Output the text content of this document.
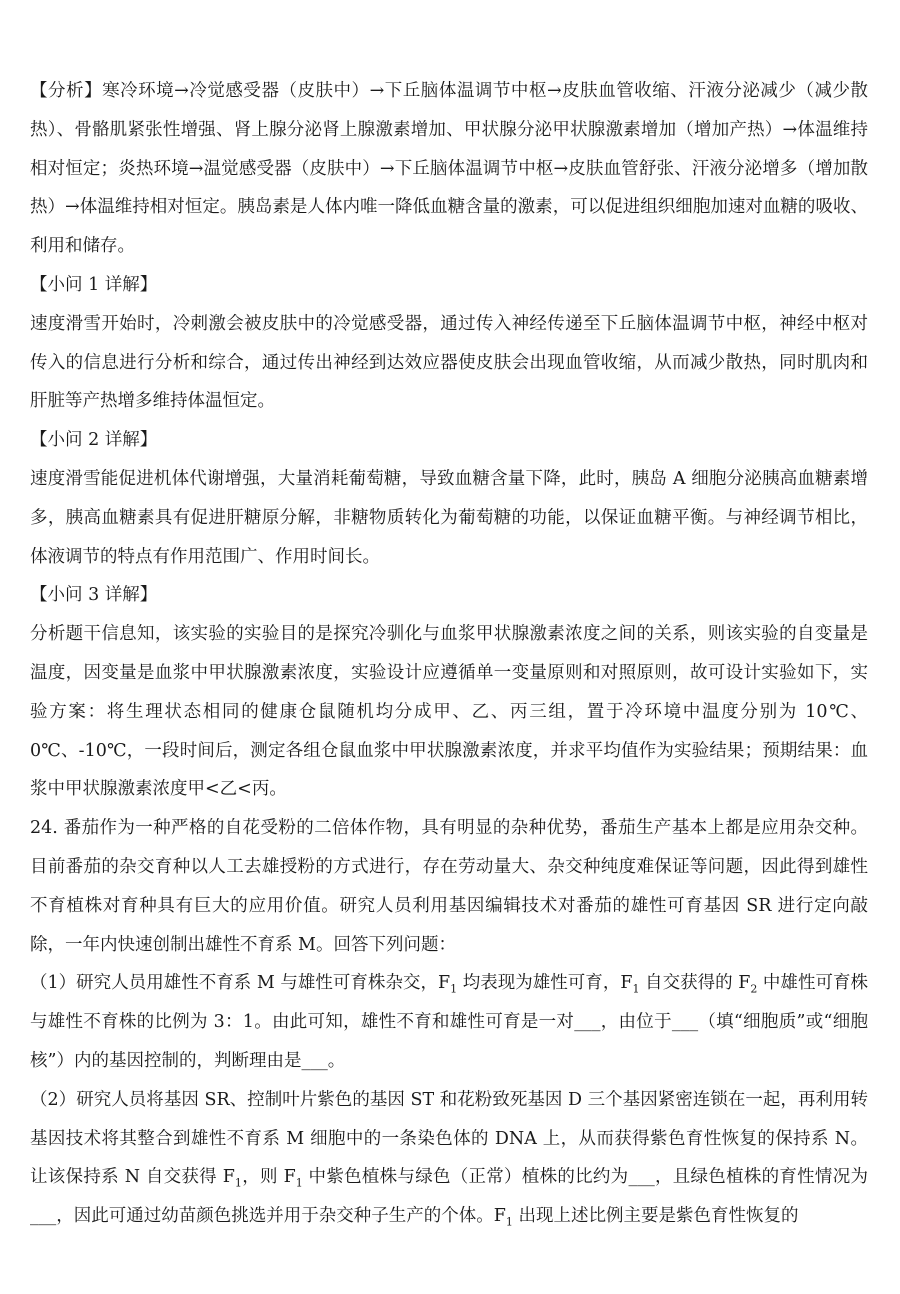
【分析】寒冷环境→冷觉感受器（皮肤中）→下丘脑体温调节中枢→皮肤血管收缩、汗液分泌减少（减少散热）、骨骼肌紧张性增强、肾上腺分泌肾上腺激素增加、甲状腺分泌甲状腺激素增加（增加产热）→体温维持相对恒定；炎热环境→温觉感受器（皮肤中）→下丘脑体温调节中枢→皮肤血管舒张、汗液分泌增多（增加散热）→体温维持相对恒定。胰岛素是人体内唯一降低血糖含量的激素，可以促进组织细胞加速对血糖的吸收、利用和储存。

【小问 1 详解】

速度滑雪开始时，冷刺激会被皮肤中的冷觉感受器，通过传入神经传递至下丘脑体温调节中枢，神经中枢对传入的信息进行分析和综合，通过传出神经到达效应器使皮肤会出现血管收缩，从而减少散热，同时肌肉和肝脏等产热增多维持体温恒定。

【小问 2 详解】

速度滑雪能促进机体代谢增强，大量消耗葡萄糖，导致血糖含量下降，此时，胰岛 A 细胞分泌胰高血糖素增多，胰高血糖素具有促进肝糖原分解，非糖物质转化为葡萄糖的功能，以保证血糖平衡。与神经调节相比，体液调节的特点有作用范围广、作用时间长。

【小问 3 详解】

分析题干信息知，该实验的实验目的是探究冷驯化与血浆甲状腺激素浓度之间的关系，则该实验的自变量是温度，因变量是血浆中甲状腺激素浓度，实验设计应遵循单一变量原则和对照原则，故可设计实验如下，实验方案：将生理状态相同的健康仓鼠随机均分成甲、乙、丙三组，置于冷环境中温度分别为 10℃、0℃、-10℃，一段时间后，测定各组仓鼠血浆中甲状腺激素浓度，并求平均值作为实验结果；预期结果：血浆中甲状腺激素浓度甲<乙<丙。

24. 番茄作为一种严格的自花受粉的二倍体作物，具有明显的杂种优势，番茄生产基本上都是应用杂交种。目前番茄的杂交育种以人工去雄授粉的方式进行，存在劳动量大、杂交种纯度难保证等问题，因此得到雄性不育植株对育种具有巨大的应用价值。研究人员利用基因编辑技术对番茄的雄性可育基因 SR 进行定向敲除，一年内快速创制出雄性不育系 M。回答下列问题：

（1）研究人员用雄性不育系 M 与雄性可育株杂交，$F_1$ 均表现为雄性可育，$F_1$ 自交获得的 $F_2$ 中雄性可育株与雄性不育株的比例为 3：1。由此可知，雄性不育和雄性可育是一对___，由位于___（填“细胞质”或“细胞核”）内的基因控制的，判断理由是___。

（2）研究人员将基因 SR、控制叶片紫色的基因 ST 和花粉致死基因 D 三个基因紧密连锁在一起，再利用转基因技术将其整合到雄性不育系 M 细胞中的一条染色体的 DNA 上，从而获得紫色育性恢复的保持系 N。让该保持系 N 自交获得 $F_1$，则 $F_1$ 中紫色植株与绿色（正常）植株的比约为___，且绿色植株的育性情况为___，因此可通过幼苗颜色挑选并用于杂交种子生产的个体。$F_1$ 出现上述比例主要是紫色育性恢复的
